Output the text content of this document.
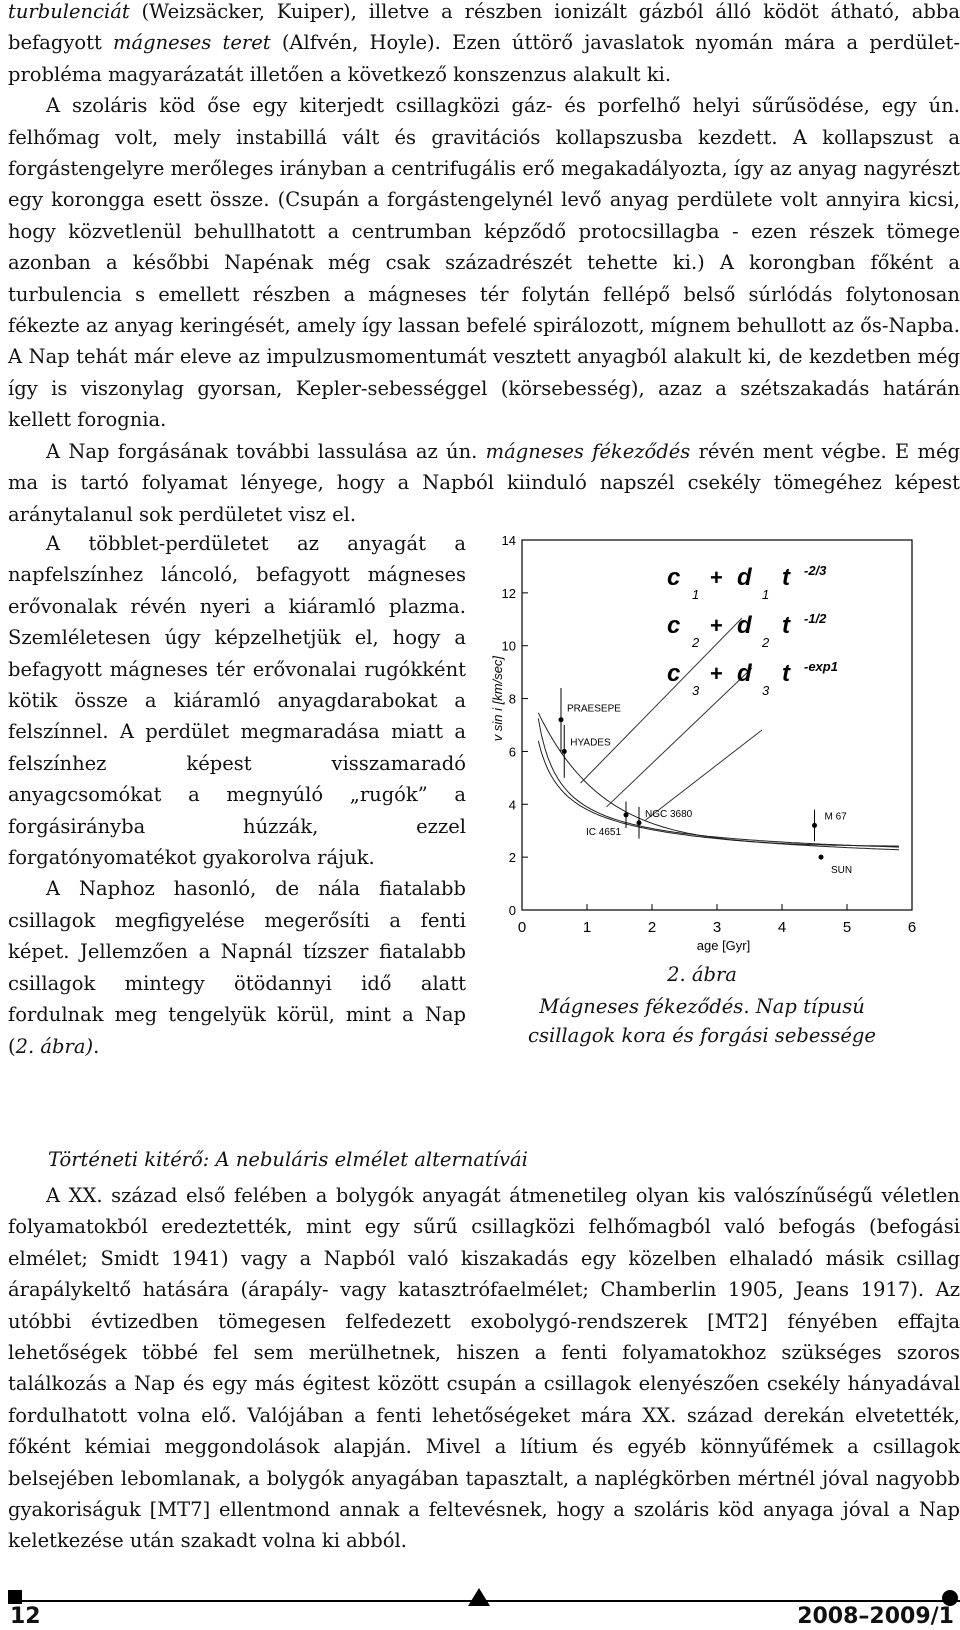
turbulenciát (Weizsäcker, Kuiper), illetve a részben ionizált gázból álló ködöt átható, abba befagyott mágneses teret (Alfvén, Hoyle). Ezen úttörő javaslatok nyomán mára a perdület-probléma magyarázatát illetően a következő konszenzus alakult ki.

A szoláris köd őse egy kiterjedt csillagközi gáz- és porfelhő helyi sűrűsödése, egy ún. felhőmag volt, mely instabillá vált és gravitációs kollapszusba kezdett. A kollapszust a forgástengelyre merőleges irányban a centrifugális erő megakadályozta, így az anyag nagyrészt egy korongga esett össze. (Csupán a forgástengelynél levő anyag perdülete volt annyira kicsi, hogy közvetlenül behullhatott a centrumban képződő protocsillagba - ezen részek tömege azonban a későbbi Napénak még csak századrészét tehette ki.) A korongban főként a turbulencia s emellett részben a mágneses tér folytán fellépő belső súrlódás folytonosan fékezte az anyag keringését, amely így lassan befelé spirálozott, mígnem behullott az ős-Napba. A Nap tehát már eleve az impulzusmomentumát vesztett anyagból alakult ki, de kezdetben még így is viszonylag gyorsan, Kepler-sebességgel (körsebesség), azaz a szétszakadás határán kellett forognia.

A Nap forgásának további lassulása az ún. mágneses fékeződés révén ment végbe. E még ma is tartó folyamat lényege, hogy a Napból kiinduló napszél csekély tömegéhez képest aránytalanul sok perdületet visz el.

A többlet-perdületet az anyagát a napfelszínhez láncoló, befagyott mágneses erővonalak révén nyeri a kiáramló plazma. Szemléletesen úgy képzelhetjük el, hogy a befagyott mágneses tér erővonalai rugókként kötik össze a kiáramló anyagdarabokat a felszínnel. A perdület megmaradása miatt a felszínhez képest visszamaradó anyagcsomókat a megnyúló „rugók” a forgásirányba húzzák, ezzel forgatónyomatékot gyakorolva rájuk.

A Naphoz hasonló, de nála fiatalabb csillagok megfigyelése megerősíti a fenti képet. Jellemzően a Napnál tízszer fiatalabb csillagok mintegy ötödannyi idő alatt fordulnak meg tengelyük körül, mint a Nap (2. ábra).

0	1	2	3	4	5	6
0
2
4
6
8
10
12
14
age [Gyr]
v sin i [km/sec]	PRAESEPE
HYADES
NGC 3680
IC 4651
M 67
SUN
c
1
+ d
1
t -2/3
c
2
+ d
2
t -1/2
c
3
+ d
3
t -exp1
2. ábra
Mágneses fékeződés. Nap típusú
csillagok kora és forgási sebessége
Történeti kitérő: A nebuláris elmélet alternatívái

A XX. század első felében a bolygók anyagát átmenetileg olyan kis valószínűségű véletlen folyamatokból eredeztették, mint egy sűrű csillagközi felhőmagból való befogás (befogási elmélet; Smidt 1941) vagy a Napból való kiszakadás egy közelben elhaladó másik csillag árapálykeltő hatására (árapály- vagy katasztrófaelmélet; Chamberlin 1905, Jeans 1917). Az utóbbi évtizedben tömegesen felfedezett exobolygó-rendszerek [MT2] fényében effajta lehetőségek többé fel sem merülhetnek, hiszen a fenti folyamatokhoz szükséges szoros találkozás a Nap és egy más égitest között csupán a csillagok elenyészően csekély hányadával fordulhatott volna elő. Valójában a fenti lehetőségeket mára XX. század derekán elvetették, főként kémiai meggondolások alapján. Mivel a lítium és egyéb könnyűfémek a csillagok belsejében lebomlanak, a bolygók anyagában tapasztalt, a naplégkörben mértnél jóval nagyobb gyakoriságuk [MT7] ellentmond annak a feltevésnek, hogy a szoláris köd anyaga jóval a Nap keletkezése után szakadt volna ki abból.

12	2008–2009/1
